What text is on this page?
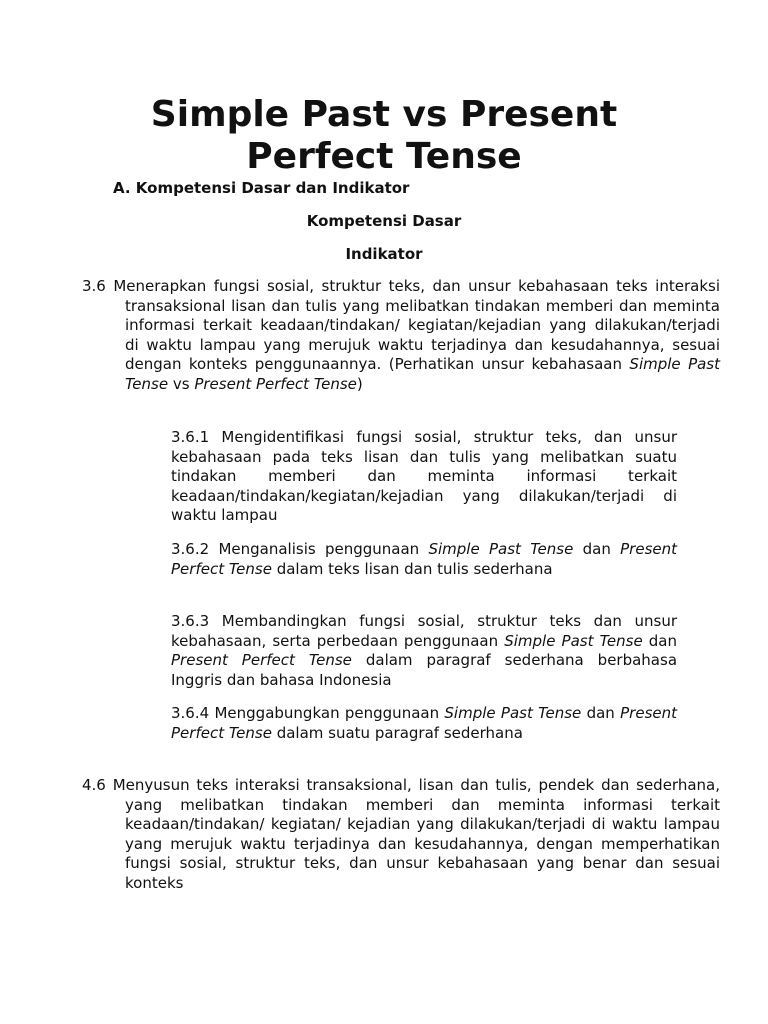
Simple Past vs Present
Perfect Tense

A. Kompetensi Dasar dan Indikator

Kompetensi Dasar

Indikator

3.6 Menerapkan fungsi sosial, struktur teks, dan unsur kebahasaan teks interaksi transaksional lisan dan tulis yang melibatkan tindakan memberi dan meminta informasi terkait keadaan/tindakan/ kegiatan/kejadian yang dilakukan/terjadi di waktu lampau yang merujuk waktu terjadinya dan kesudahannya, sesuai dengan konteks penggunaannya. (Perhatikan unsur kebahasaan Simple Past Tense vs Present Perfect Tense)

3.6.1 Mengidentifikasi fungsi sosial, struktur teks, dan unsur kebahasaan pada teks lisan dan tulis yang melibatkan suatu tindakan memberi dan meminta informasi terkait keadaan/tindakan/kegiatan/kejadian yang dilakukan/terjadi di waktu lampau

3.6.2 Menganalisis penggunaan Simple Past Tense dan Present Perfect Tense dalam teks lisan dan tulis sederhana

3.6.3 Membandingkan fungsi sosial, struktur teks dan unsur kebahasaan, serta perbedaan penggunaan Simple Past Tense dan Present Perfect Tense dalam paragraf sederhana berbahasa Inggris dan bahasa Indonesia

3.6.4 Menggabungkan penggunaan Simple Past Tense dan Present Perfect Tense dalam suatu paragraf sederhana

4.6 Menyusun teks interaksi transaksional, lisan dan tulis, pendek dan sederhana, yang melibatkan tindakan memberi dan meminta informasi terkait keadaan/tindakan/ kegiatan/ kejadian yang dilakukan/terjadi di waktu lampau yang merujuk waktu terjadinya dan kesudahannya, dengan memperhatikan fungsi sosial, struktur teks, dan unsur kebahasaan yang benar dan sesuai konteks
